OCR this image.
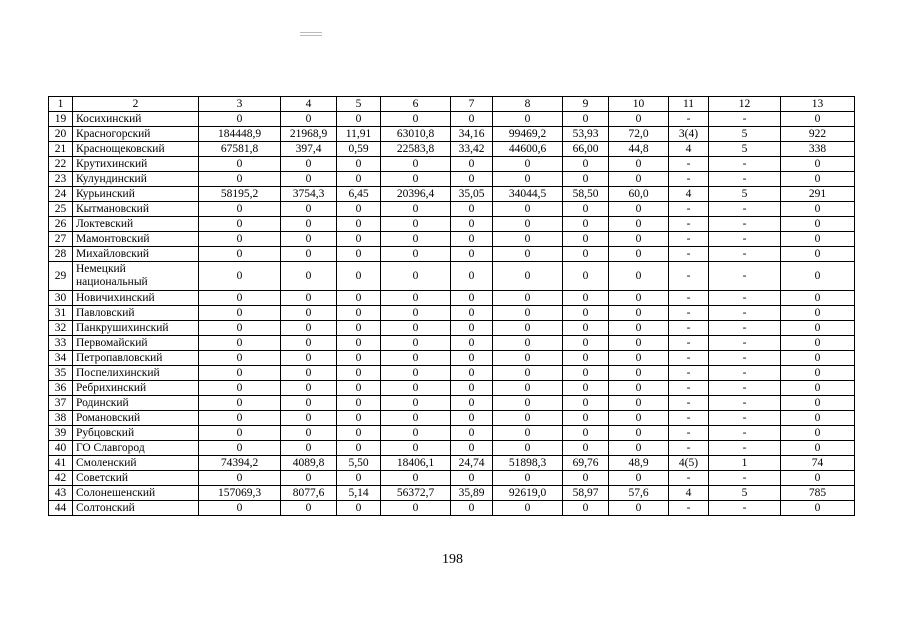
1	2	3	4	5	6	7	8	9	10	11	12	13
19	Косихинский	0	0	0	0	0	0	0	0	-	-	0
20	Красногорский	184448,9	21968,9	11,91	63010,8	34,16	99469,2	53,93	72,0	3(4)	5	922
21	Краснощековский	67581,8	397,4	0,59	22583,8	33,42	44600,6	66,00	44,8	4	5	338
22	Крутихинский	0	0	0	0	0	0	0	0	-	-	0
23	Кулундинский	0	0	0	0	0	0	0	0	-	-	0
24	Курьинский	58195,2	3754,3	6,45	20396,4	35,05	34044,5	58,50	60,0	4	5	291
25	Кытмановский	0	0	0	0	0	0	0	0	-	-	0
26	Локтевский	0	0	0	0	0	0	0	0	-	-	0
27	Мамонтовский	0	0	0	0	0	0	0	0	-	-	0
28	Михайловский	0	0	0	0	0	0	0	0	-	-	0
29	Немецкий национальный	0	0	0	0	0	0	0	0	-	-	0
30	Новичихинский	0	0	0	0	0	0	0	0	-	-	0
31	Павловский	0	0	0	0	0	0	0	0	-	-	0
32	Панкрушихинский	0	0	0	0	0	0	0	0	-	-	0
33	Первомайский	0	0	0	0	0	0	0	0	-	-	0
34	Петропавловский	0	0	0	0	0	0	0	0	-	-	0
35	Поспелихинский	0	0	0	0	0	0	0	0	-	-	0
36	Ребрихинский	0	0	0	0	0	0	0	0	-	-	0
37	Родинский	0	0	0	0	0	0	0	0	-	-	0
38	Романовский	0	0	0	0	0	0	0	0	-	-	0
39	Рубцовский	0	0	0	0	0	0	0	0	-	-	0
40	ГО Славгород	0	0	0	0	0	0	0	0	-	-	0
41	Смоленский	74394,2	4089,8	5,50	18406,1	24,74	51898,3	69,76	48,9	4(5)	1	74
42	Советский	0	0	0	0	0	0	0	0	-	-	0
43	Солонешенский	157069,3	8077,6	5,14	56372,7	35,89	92619,0	58,97	57,6	4	5	785
44	Солтонский	0	0	0	0	0	0	0	0	-	-	0
198
